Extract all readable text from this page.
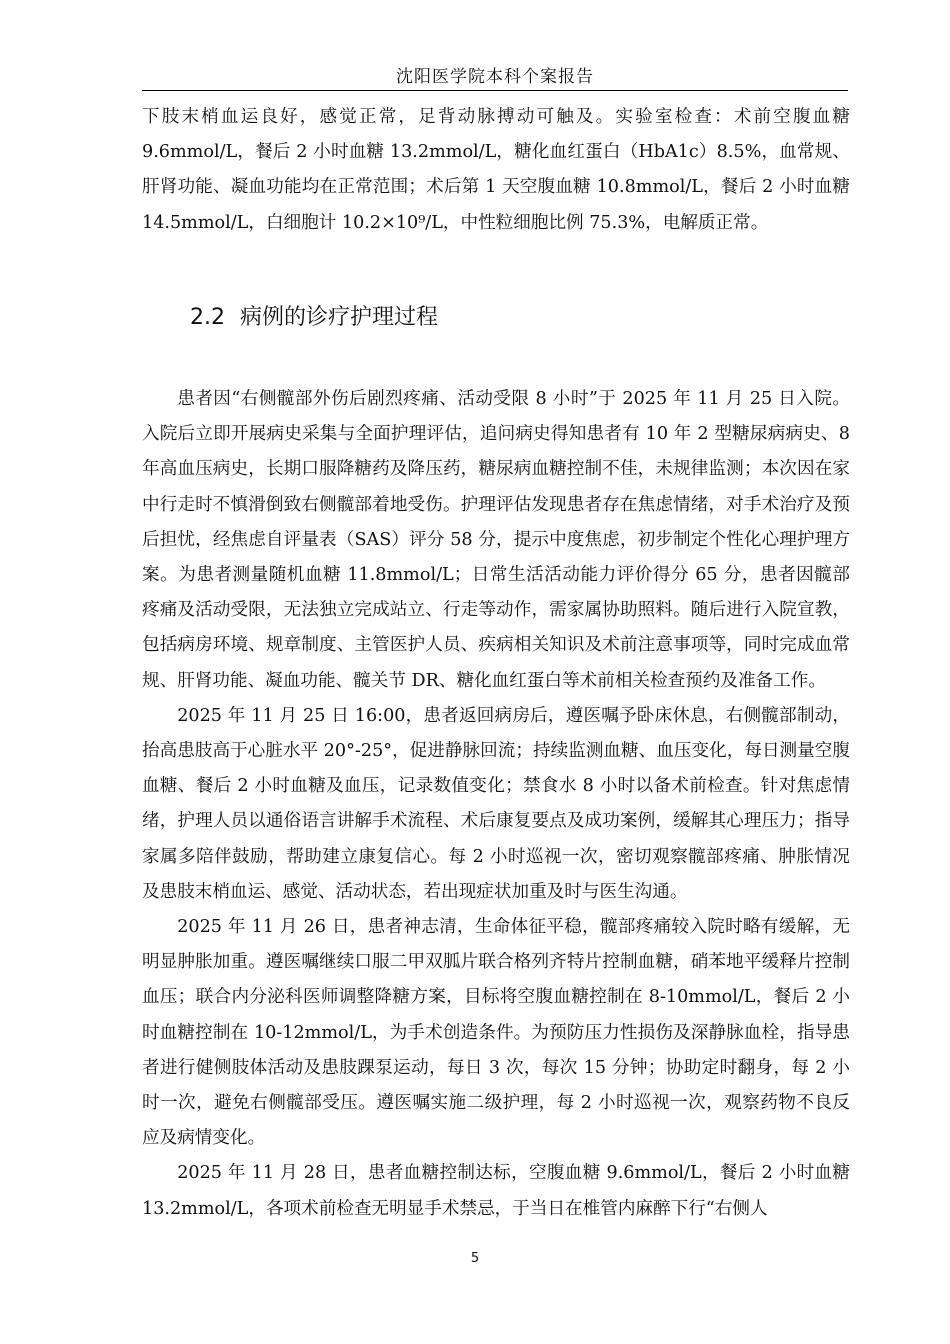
沈阳医学院本科个案报告

下肢末梢血运良好，感觉正常，足背动脉搏动可触及。实验室检查：术前空腹血糖 9.6mmol/L，餐后 2 小时血糖 13.2mmol/L，糖化血红蛋白（HbA1c）8.5%，血常规、肝肾功能、凝血功能均在正常范围；术后第 1 天空腹血糖 10.8mmol/L，餐后 2 小时血糖 14.5mmol/L，白细胞计 10.2×10⁹/L，中性粒细胞比例 75.3%，电解质正常。

2.2 病例的诊疗护理过程

患者因“右侧髋部外伤后剧烈疼痛、活动受限 8 小时”于 2025 年 11 月 25 日入院。入院后立即开展病史采集与全面护理评估，追问病史得知患者有 10 年 2 型糖尿病病史、8 年高血压病史，长期口服降糖药及降压药，糖尿病血糖控制不佳，未规律监测；本次因在家中行走时不慎滑倒致右侧髋部着地受伤。护理评估发现患者存在焦虑情绪，对手术治疗及预后担忧，经焦虑自评量表（SAS）评分 58 分，提示中度焦虑，初步制定个性化心理护理方案。为患者测量随机血糖 11.8mmol/L；日常生活活动能力评价得分 65 分，患者因髋部疼痛及活动受限，无法独立完成站立、行走等动作，需家属协助照料。随后进行入院宣教，包括病房环境、规章制度、主管医护人员、疾病相关知识及术前注意事项等，同时完成血常规、肝肾功能、凝血功能、髋关节 DR、糖化血红蛋白等术前相关检查预约及准备工作。

2025 年 11 月 25 日 16:00，患者返回病房后，遵医嘱予卧床休息，右侧髋部制动，抬高患肢高于心脏水平 20°-25°，促进静脉回流；持续监测血糖、血压变化，每日测量空腹血糖、餐后 2 小时血糖及血压，记录数值变化；禁食水 8 小时以备术前检查。针对焦虑情绪，护理人员以通俗语言讲解手术流程、术后康复要点及成功案例，缓解其心理压力；指导家属多陪伴鼓励，帮助建立康复信心。每 2 小时巡视一次，密切观察髋部疼痛、肿胀情况及患肢末梢血运、感觉、活动状态，若出现症状加重及时与医生沟通。

2025 年 11 月 26 日，患者神志清，生命体征平稳，髋部疼痛较入院时略有缓解，无明显肿胀加重。遵医嘱继续口服二甲双胍片联合格列齐特片控制血糖，硝苯地平缓释片控制血压；联合内分泌科医师调整降糖方案，目标将空腹血糖控制在 8-10mmol/L，餐后 2 小时血糖控制在 10-12mmol/L，为手术创造条件。为预防压力性损伤及深静脉血栓，指导患者进行健侧肢体活动及患肢踝泵运动，每日 3 次，每次 15 分钟；协助定时翻身，每 2 小时一次，避免右侧髋部受压。遵医嘱实施二级护理，每 2 小时巡视一次，观察药物不良反应及病情变化。

2025 年 11 月 28 日，患者血糖控制达标，空腹血糖 9.6mmol/L，餐后 2 小时血糖 13.2mmol/L，各项术前检查无明显手术禁忌，于当日在椎管内麻醉下行“右侧人

5
